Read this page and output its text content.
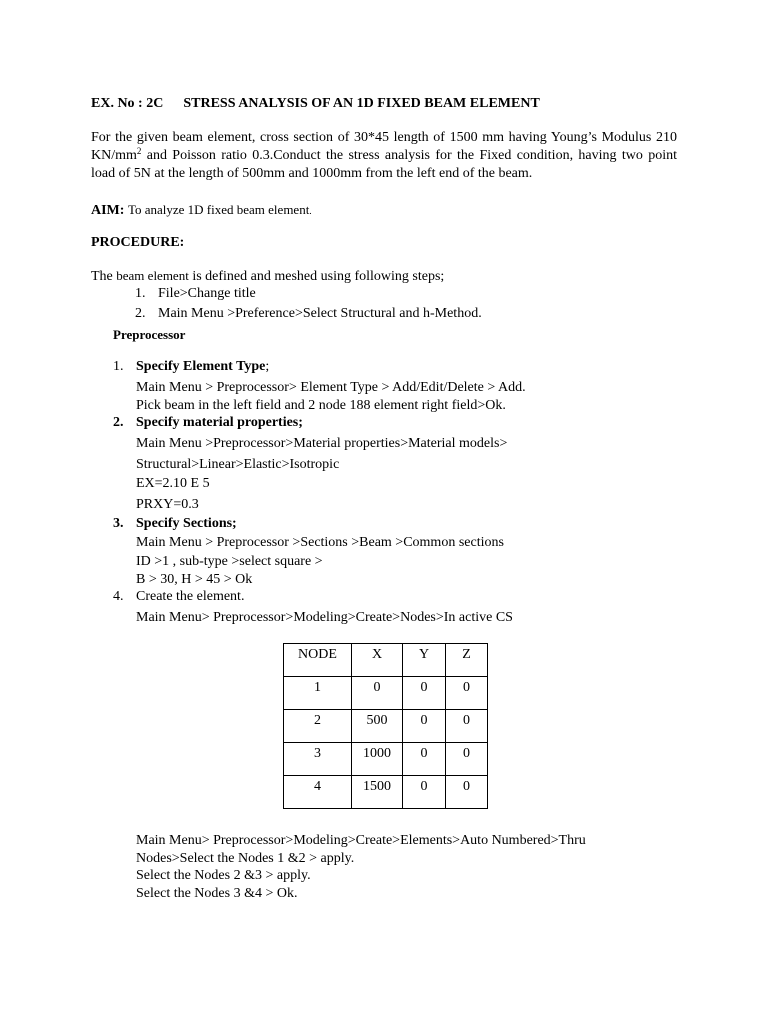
EX. No : 2C STRESS ANALYSIS OF AN 1D FIXED BEAM ELEMENT
For the given beam element, cross section of 30*45 length of 1500 mm having Young’s Modulus 210 $KN/mm^2$ and Poisson ratio 0.3.Conduct the stress analysis for the Fixed condition, having two point load of 5N at the length of 500mm and 1000mm from the left end of the beam.
AIM: To analyze 1D fixed beam element.
PROCEDURE:
The beam element is defined and meshed using following steps;
1. File>Change title
2. Main Menu >Preference>Select Structural and h-Method.
Preprocessor
1. Specify Element Type;
Main Menu > Preprocessor> Element Type > Add/Edit/Delete > Add.
Pick beam in the left field and 2 node 188 element right field>Ok.
2. Specify material properties;
Main Menu >Preprocessor>Material properties>Material models>
Structural>Linear>Elastic>Isotropic
EX=2.10 E 5
PRXY=0.3
3. Specify Sections;
Main Menu > Preprocessor >Sections >Beam >Common sections
ID >1 , sub-type >select square >
B > 30, H > 45 > Ok
4. Create the element.
Main Menu> Preprocessor>Modeling>Create>Nodes>In active CS
NODE	X	Y	Z
1	0	0	0
2	500	0	0
3	1000	0	0
4	1500	0	0
Main Menu> Preprocessor>Modeling>Create>Elements>Auto Numbered>Thru
Nodes>Select the Nodes 1 &2 > apply.
Select the Nodes 2 &3 > apply.
Select the Nodes 3 &4 > Ok.
